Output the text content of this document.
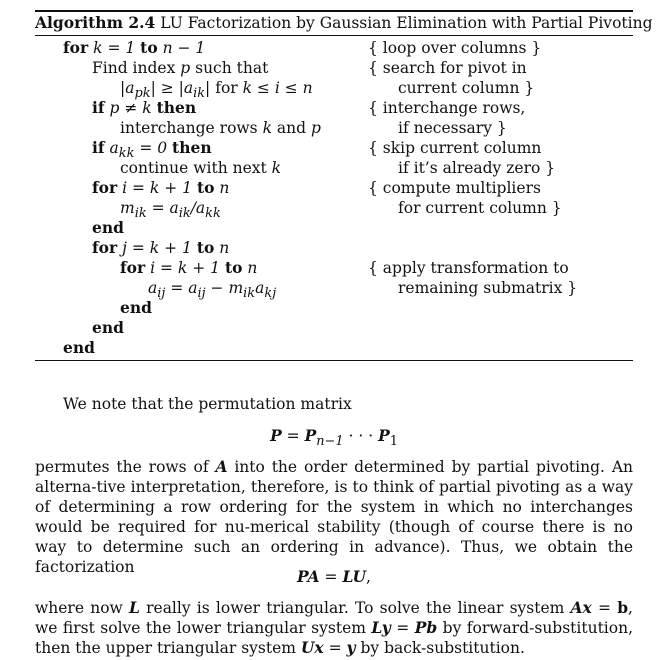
Algorithm 2.4 LU Factorization by Gaussian Elimination with Partial Pivoting
for k = 1 to n − 1
Find index p such that
$|a_{pk}| \ge |a_{ik}|$ for k ≤ i ≤ n
if p ≠ k then
interchange rows k and p
if $a_{kk} = 0$ then
continue with next k
for i = k + 1 to n
$m_{ik} = a_{ik}/a_{kk}$
end
for j = k + 1 to n
for i = k + 1 to n
$a_{ij} = a_{ij} - m_{ik}a_{kj}$
end
end
end
{ loop over columns }
{ search for pivot in
current column }
{ interchange rows,
if necessary }
{ skip current column
if it’s already zero }
{ compute multipliers
for current column }
{ apply transformation to
remaining submatrix }
We note that the permutation matrix
$P = P_{n-1}$ · · · $P_1$
permutes the rows of A into the order determined by partial pivoting. An alterna-tive interpretation, therefore, is to think of partial pivoting as a way of determining a row ordering for the system in which no interchanges would be required for nu-merical stability (though of course there is no way to determine such an ordering in advance). Thus, we obtain the factorization	PA = LU,
where now L really is lower triangular. To solve the linear system Ax = b, we first solve the lower triangular system Ly = Pb by forward-substitution, then the upper triangular system Ux = y by back-substitution.
